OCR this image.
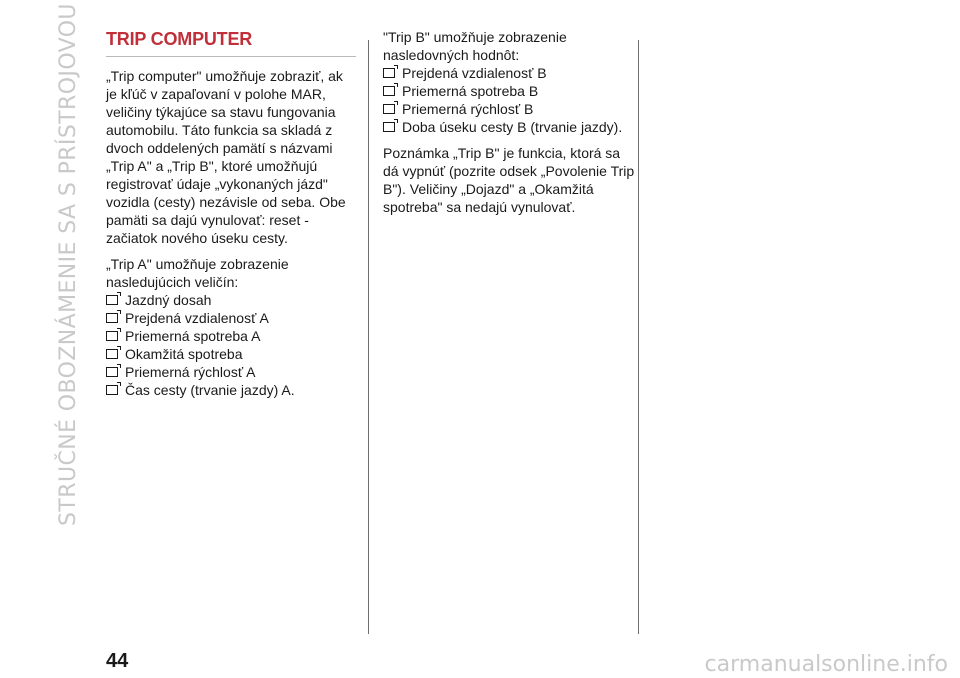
STRUČNÉ OBOZNÁMENIE SA S PRÍSTROJOVOU TRIP COMPUTER

„Trip computer" umožňuje zobraziť, ak je kľúč v zapaľovaní v polohe MAR, veličiny týkajúce sa stavu fungovania automobilu. Táto funkcia sa skladá z dvoch oddelených pamätí s názvami „Trip A" a „Trip B", ktoré umožňujú registrovať údaje „vykonaných jázd" vozidla (cesty) nezávisle od seba. Obe pamäti sa dajú vynulovať: reset - začiatok nového úseku cesty.

„Trip A" umožňuje zobrazenie nasledujúcich veličín:

Jazdný dosah
Prejdená vzdialenosť A
Priemerná spotreba A
Okamžitá spotreba
Priemerná rýchlosť A
Čas cesty (trvanie jazdy) A.

"Trip B" umožňuje zobrazenie nasledovných hodnôt:

Prejdená vzdialenosť B
Priemerná spotreba B
Priemerná rýchlosť B
Doba úseku cesty B (trvanie jazdy).

Poznámka „Trip B" je funkcia, ktorá sa dá vypnúť (pozrite odsek „Povolenie Trip B"). Veličiny „Dojazd" a „Okamžitá spotreba" sa nedajú vynulovať.

44	carmanualsonline.info
